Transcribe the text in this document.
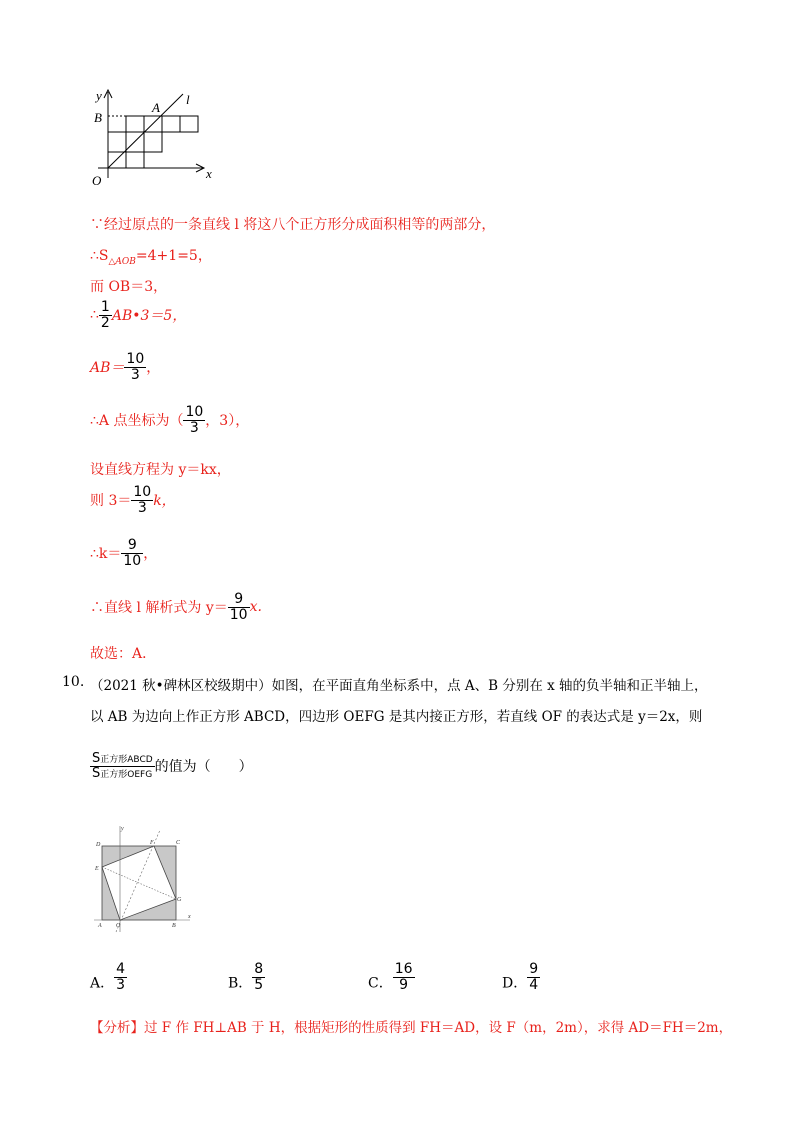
y
B
A
l
O	x
∵经过原点的一条直线 l 将这八个正方形分成面积相等的两部分，
$\therefore S_{\triangle AOB}=4+1=5$，
而 OB＝3，
∴ $\frac{1}{2}$ AB•3＝5，
$AB= \frac{10}{3}$ ，
∴A 点坐标为（ $\frac{10}{3}$ ，3），
设直线方程为 y＝kx，
则 $3= \frac{10}{3}$ k，
∴k＝ $\frac{9}{10}$ ，
∴直线 l 解析式为 $y= \frac{9}{10} x$.
故选：A．
10. （2021 秋•碑林区校级期中）如图，在平面直角坐标系中，点 A、B 分别在 x 轴的负半轴和正半轴上，
以 AB 为边向上作正方形 ABCD，四边形 OEFG 是其内接正方形，若直线 OF 的表达式是 y＝2x，则
$\frac{\text{S正方形ABCD}}{\text{S正方形OEFG}}$ 的值为（　　）
y
x
D	F	C
E
G
A O	B
A． $\frac{4}{3}$	B． $\frac{8}{5}$	C． $\frac{16}{9}$	D． $\frac{9}{4}$
【分析】过 F 作 FH⊥AB 于 H，根据矩形的性质得到 FH＝AD，设 F（m，2m），求得 AD＝FH＝2m，
